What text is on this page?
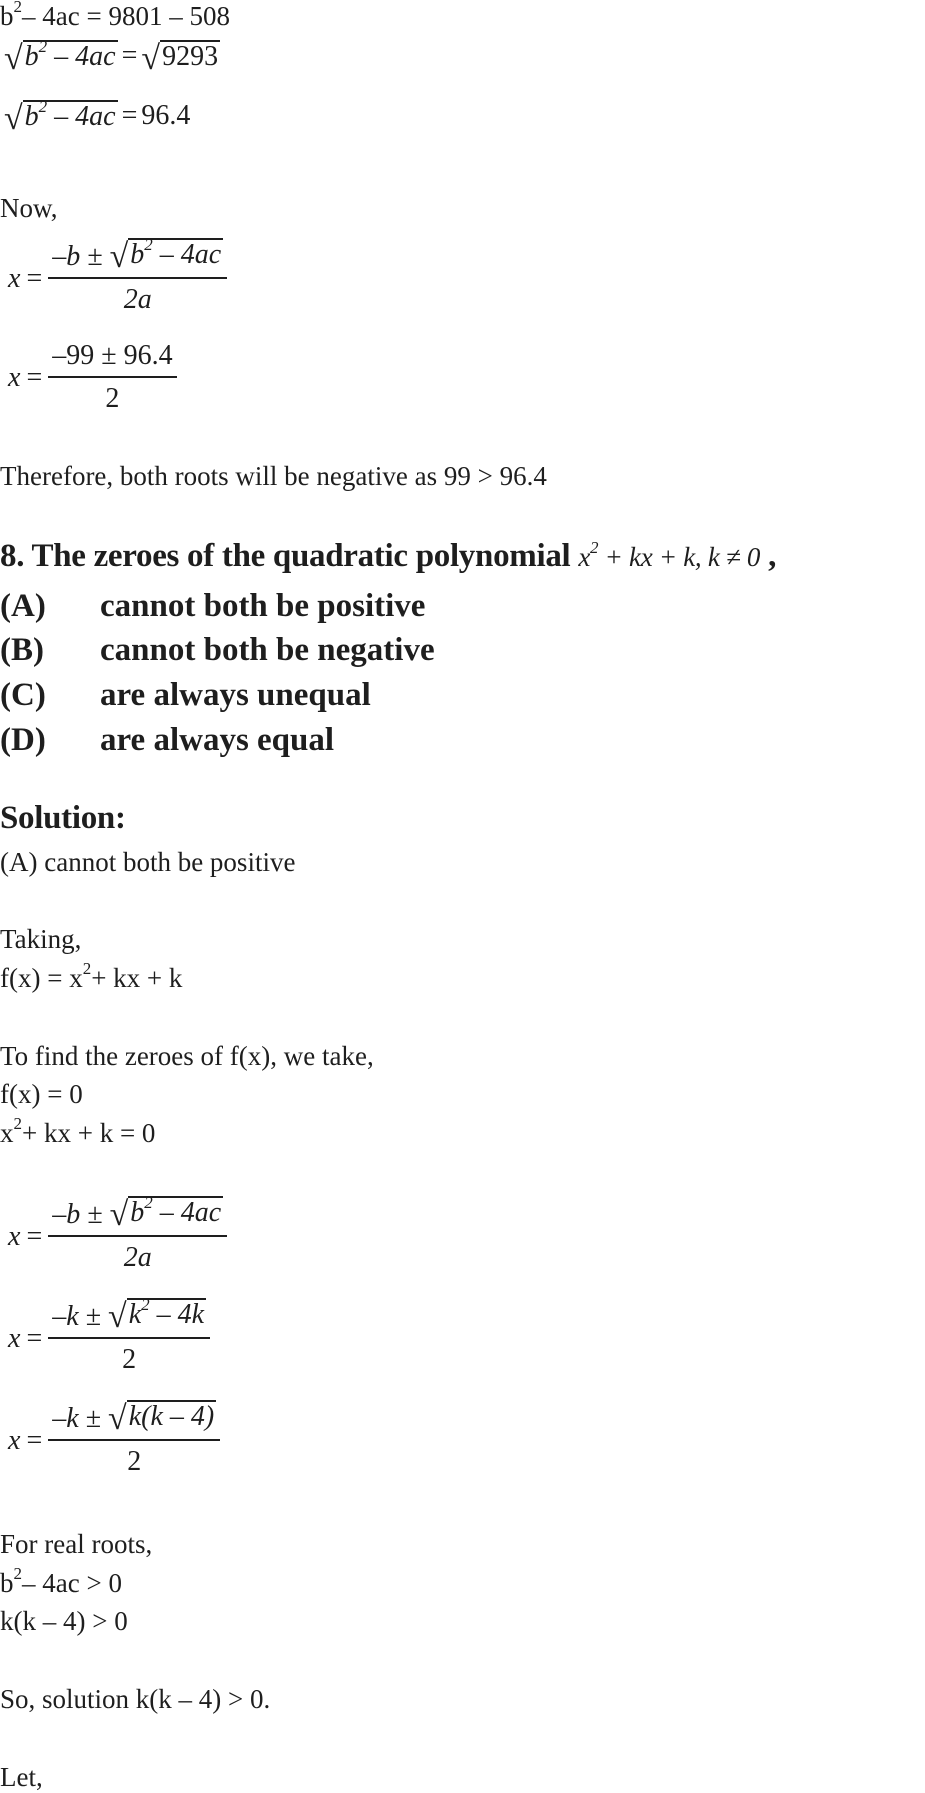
$b^2-$ 4ac = 9801 – 508
√ $b^2 - 4ac$ = √ 9293
√ $b^2 - 4ac = 96.4$
Now,
$x = \frac{-b \pm √ b^2 - 4ac}{2a}$
$x = \frac{-99 \pm 96.4}{2}$
Therefore, both roots will be negative as 99 > 96.4
8. The zeroes of the quadratic polynomial $x^2$ + kx + k, k ≠ 0 ,
(A) cannot both be positive
(B) cannot both be negative
(C) are always unequal
(D) are always equal
Solution:
(A) cannot both be positive
Taking,
$f(x) = x^2+$ kx + k
To find the zeroes of f(x), we take,
f(x) = 0
$x^2+$ kx + k = 0
$x = \frac{-b \pm √ b^2 - 4ac}{2a}$
$x = \frac{-k \pm √ k^2 - 4k}{2}$
$x = \frac{-k \pm √ k(k - 4)}{2}$
For real roots,
$b^2-$ 4ac > 0
k(k – 4) > 0
So, solution k(k – 4) > 0.
Let,
